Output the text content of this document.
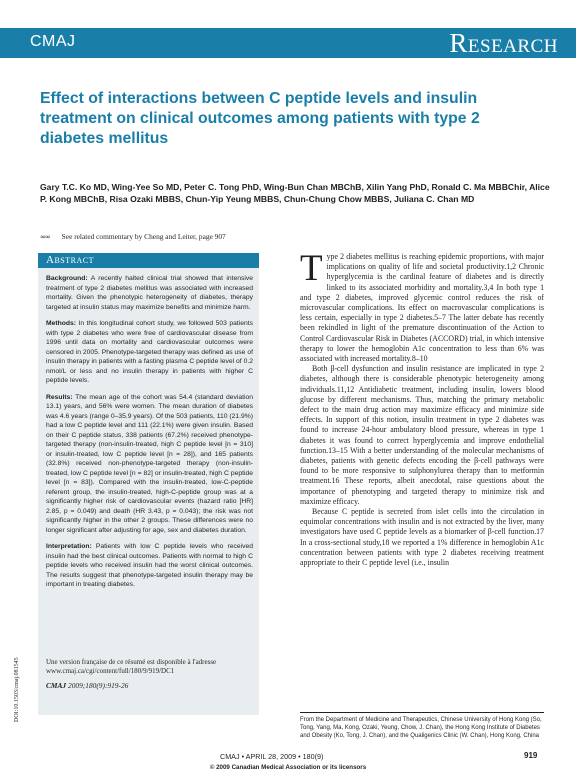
CMAJ	Research
Effect of interactions between C peptide levels and insulin treatment on clinical outcomes among patients with type 2 diabetes mellitus
Gary T.C. Ko MD, Wing-Yee So MD, Peter C. Tong PhD, Wing-Bun Chan MBChB, Xilin Yang PhD, Ronald C. Ma MBBChir, Alice P. Kong MBChB, Risa Ozaki MBBS, Chun-Yip Yeung MBBS, Chun-Chung Chow MBBS, Juliana C. Chan MD
∞∞ See related commentary by Cheng and Leiter, page 907
Abstract

Background: A recently halted clinical trial showed that intensive treatment of type 2 diabetes mellitus was associated with increased mortality. Given the phenotypic heterogeneity of diabetes, therapy targeted at insulin status may maximize benefits and minimize harm.

Methods: In this longitudinal cohort study, we followed 503 patients with type 2 diabetes who were free of cardiovascular disease from 1996 until data on mortality and cardiovascular outcomes were censored in 2005. Phenotype-targeted therapy was defined as use of insulin therapy in patients with a fasting plasma C peptide level of 0.2 nmol/L or less and no insulin therapy in patients with higher C peptide levels.

Results: The mean age of the cohort was 54.4 (standard deviation 13.1) years, and 56% were women. The mean duration of diabetes was 4.6 years (range 0–35.9 years). Of the 503 patients, 110 (21.9%) had a low C peptide level and 111 (22.1%) were given insulin. Based on their C peptide status, 338 patients (67.2%) received phenotype-targeted therapy (non-insulin-treated, high C peptide level [n = 310] or insulin-treated, low C peptide level [n = 28]), and 165 patients (32.8%) received non-phenotype-targeted therapy (non-insulin-treated, low C peptide level [n = 82] or insulin-treated, high C peptide level [n = 83]). Compared with the insulin-treated, low-C-peptide referent group, the insulin-treated, high-C-peptide group was at a significantly higher risk of cardiovascular events (hazard ratio [HR] 2.85, p = 0.049) and death (HR 3.43, p = 0.043); the risk was not significantly higher in the other 2 groups. These differences were no longer significant after adjusting for age, sex and diabetes duration.

Interpretation: Patients with low C peptide levels who received insulin had the best clinical outcomes. Patients with normal to high C peptide levels who received insulin had the worst clinical outcomes. The results suggest that phenotype-targeted insulin therapy may be important in treating diabetes.

Une version française de ce résumé est disponible à l'adresse www.cmaj.ca/cgi/content/full/180/9/919/DC1
CMAJ 2009;180(9):919-26
DOI:10.1503/cmaj.081545

Type 2 diabetes mellitus is reaching epidemic proportions, with major implications on quality of life and societal productivity.1,2 Chronic hyperglycemia is the cardinal feature of diabetes and is directly linked to its associated morbidity and mortality.3,4 In both type 1 and type 2 diabetes, improved glycemic control reduces the risk of microvascular complications. Its effect on macrovascular complications is less certain, especially in type 2 diabetes.5–7 The latter debate has recently been rekindled in light of the premature discontinuation of the Action to Control Cardiovascular Risk in Diabetes (ACCORD) trial, in which intensive therapy to lower the hemoglobin A1c concentration to less than 6% was associated with increased mortality.8–10

Both β-cell dysfunction and insulin resistance are implicated in type 2 diabetes, although there is considerable phenotypic heterogeneity among individuals.11,12 Antidiabetic treatment, including insulin, lowers blood glucose by different mechanisms. Thus, matching the primary metabolic defect to the main drug action may maximize efficacy and minimize side effects. In support of this notion, insulin treatment in type 2 diabetes was found to increase 24-hour ambulatory blood pressure, whereas in type 1 diabetes it was found to correct hyperglycemia and improve endothelial function.13–15 With a better understanding of the molecular mechanisms of diabetes, patients with genetic defects encoding the β-cell pathways were found to be more responsive to sulphonylurea therapy than to metformin treatment.16 These reports, albeit anecdotal, raise questions about the importance of phenotyping and targeted therapy to minimize risk and maximize efficacy.

Because C peptide is secreted from islet cells into the circulation in equimolar concentrations with insulin and is not extracted by the liver, many investigators have used C peptide levels as a biomarker of β-cell function.17 In a cross-sectional study,18 we reported a 1% difference in hemoglobin A1c concentration between patients with type 2 diabetes receiving treatment appropriate to their C peptide level (i.e., insulin

From the Department of Medicine and Therapeutics, Chinese University of Hong Kong (So, Tong, Yang, Ma, Kong, Ozaki, Yeung, Chow, J. Chan), the Hong Kong Institute of Diabetes and Obesity (Ko, Tong, J. Chan), and the Qualigenics Clinic (W. Chan), Hong Kong, China
CMAJ • APRIL 28, 2009 • 180(9)	919
© 2009 Canadian Medical Association or its licensors
